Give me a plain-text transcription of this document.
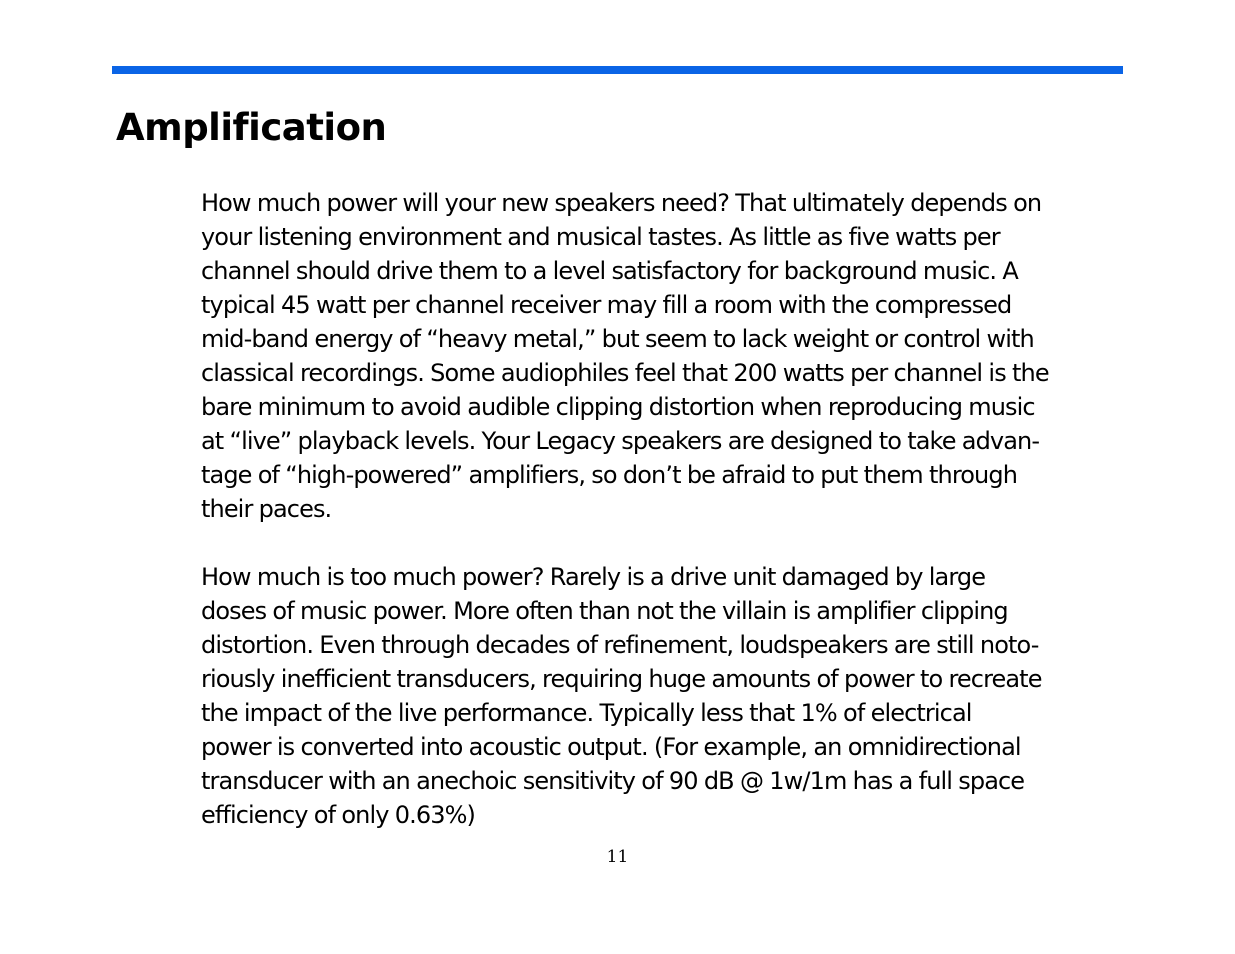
Amplification

How much power will your new speakers need? That ultimately depends on
your listening environment and musical tastes. As little as five watts per
channel should drive them to a level satisfactory for background music. A
typical 45 watt per channel receiver may fill a room with the compressed
mid-band energy of “heavy metal,” but seem to lack weight or control with
classical recordings. Some audiophiles feel that 200 watts per channel is the
bare minimum to avoid audible clipping distortion when reproducing music
at “live” playback levels. Your Legacy speakers are designed to take advan-
tage of “high-powered” amplifiers, so don’t be afraid to put them through
their paces.

How much is too much power? Rarely is a drive unit damaged by large
doses of music power. More often than not the villain is amplifier clipping
distortion. Even through decades of refinement, loudspeakers are still noto-
riously inefficient transducers, requiring huge amounts of power to recreate
the impact of the live performance. Typically less that 1% of electrical
power is converted into acoustic output. (For example, an omnidirectional
transducer with an anechoic sensitivity of 90 dB @ 1w/1m has a full space
efficiency of only 0.63%)

11
